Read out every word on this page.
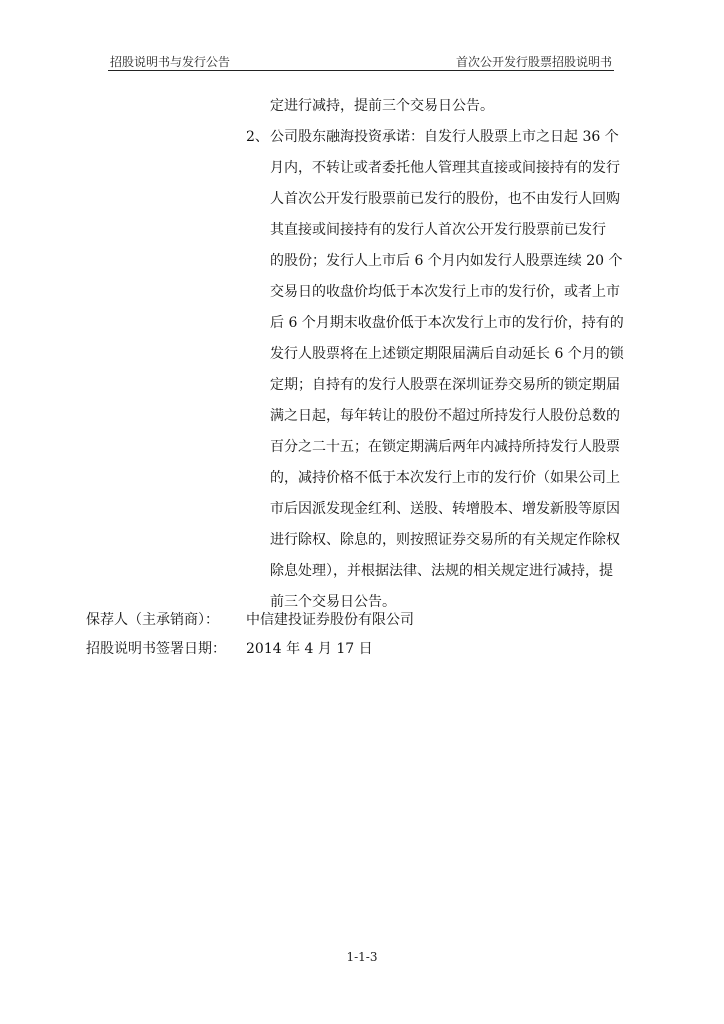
招股说明书与发行公告	首次公开发行股票招股说明书
定进行减持，提前三个交易日公告。
2、 公司股东融海投资承诺：自发行人股票上市之日起 36 个
月内，不转让或者委托他人管理其直接或间接持有的发行
人首次公开发行股票前已发行的股份，也不由发行人回购
其直接或间接持有的发行人首次公开发行股票前已发行
的股份；发行人上市后 6 个月内如发行人股票连续 20 个
交易日的收盘价均低于本次发行上市的发行价，或者上市
后 6 个月期末收盘价低于本次发行上市的发行价，持有的
发行人股票将在上述锁定期限届满后自动延长 6 个月的锁
定期；自持有的发行人股票在深圳证券交易所的锁定期届
满之日起，每年转让的股份不超过所持发行人股份总数的
百分之二十五；在锁定期满后两年内减持所持发行人股票
的，减持价格不低于本次发行上市的发行价（如果公司上
市后因派发现金红利、送股、转增股本、增发新股等原因
进行除权、除息的，则按照证券交易所的有关规定作除权
除息处理），并根据法律、法规的相关规定进行减持，提
前三个交易日公告。
保荐人（主承销商）： 中信建投证券股份有限公司
招股说明书签署日期： 2014 年 4 月 17 日
1-1-3
